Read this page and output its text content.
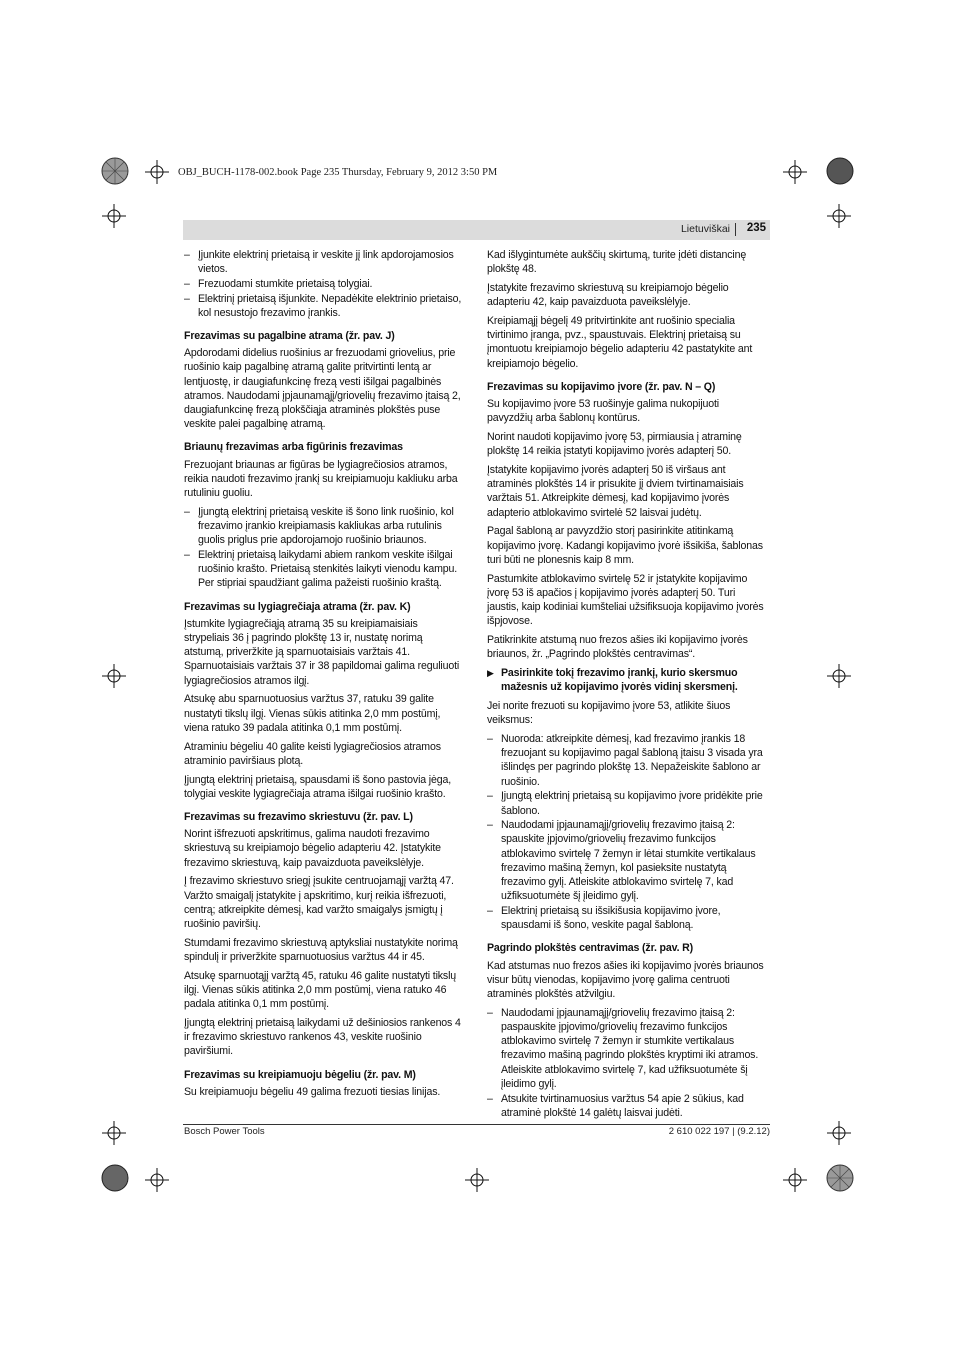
OBJ_BUCH-1178-002.book Page 235 Thursday, February 9, 2012 3:50 PM
Lietuviškai 235
– Įjunkite elektrinį prietaisą ir veskite jį link apdorojamosios vietos.
– Frezuodami stumkite prietaisą tolygiai.
– Elektrinį prietaisą išjunkite. Nepadėkite elektrinio prietaiso, kol nesustojo frezavimo įrankis.
Frezavimas su pagalbine atrama (žr. pav. J)

Apdorodami didelius ruošinius ar frezuodami griovelius, prie ruošinio kaip pagalbinę atramą galite pritvirtinti lentą ar lentjuostę, ir daugiafunkcinę frezą vesti išilgai pagalbinės atramos. Naudodami įpjaunamąjį/griovelių frezavimo įtaisą 2, daugiafunkcinę frezą plokščiąja atraminės plokštės puse veskite palei pagalbinę atramą.

Briaunų frezavimas arba figūrinis frezavimas

Frezuojant briaunas ar figūras be lygiagrečiosios atramos, reikia naudoti frezavimo įrankį su kreipiamuoju kakliuku arba rutuliniu guoliu.

– Įjungtą elektrinį prietaisą veskite iš šono link ruošinio, kol frezavimo įrankio kreipiamasis kakliukas arba rutulinis guolis priglus prie apdorojamojo ruošinio briaunos.
– Elektrinį prietaisą laikydami abiem rankom veskite išilgai ruošinio krašto. Prietaisą stenkitės laikyti vienodu kampu. Per stipriai spaudžiant galima pažeisti ruošinio kraštą.
Frezavimas su lygiagrečiaja atrama (žr. pav. K)

Įstumkite lygiagrečiąją atramą 35 su kreipiamaisiais strypeliais 36 į pagrindo plokštę 13 ir, nustatę norimą atstumą, priveržkite ją sparnuotaisiais varžtais 41. Sparnuotaisiais varžtais 37 ir 38 papildomai galima reguliuoti lygiagrečiosios atramos ilgį.

Atsukę abu sparnuotuosius varžtus 37, ratuku 39 galite nustatyti tikslų ilgį. Vienas sūkis atitinka 2,0 mm postūmį, viena ratuko 39 padala atitinka 0,1 mm postūmį.

Atraminiu bėgeliu 40 galite keisti lygiagrečiosios atramos atraminio paviršiaus plotą.

Įjungtą elektrinį prietaisą, spausdami iš šono pastovia jėga, tolygiai veskite lygiagrečiaja atrama išilgai ruošinio krašto.

Frezavimas su frezavimo skriestuvu (žr. pav. L)

Norint išfrezuoti apskritimus, galima naudoti frezavimo skriestuvą su kreipiamojo bėgelio adapteriu 42. Įstatykite frezavimo skriestuvą, kaip pavaizduota paveikslėlyje.

Į frezavimo skriestuvo sriegį įsukite centruojamąjį varžtą 47. Varžto smaigalį įstatykite į apskritimo, kurį reikia išfrezuoti, centrą; atkreipkite dėmesį, kad varžto smaigalys įsmigtų į ruošinio paviršių.

Stumdami frezavimo skriestuvą aptyksliai nustatykite norimą spindulį ir priveržkite sparnuotuosius varžtus 44 ir 45.

Atsukę sparnuotąjį varžtą 45, ratuku 46 galite nustatyti tikslų ilgį. Vienas sūkis atitinka 2,0 mm postūmį, viena ratuko 46 padala atitinka 0,1 mm postūmį.

Įjungtą elektrinį prietaisą laikydami už dešiniosios rankenos 4 ir frezavimo skriestuvo rankenos 43, veskite ruošinio paviršiumi.

Frezavimas su kreipiamuoju bėgeliu (žr. pav. M)

Su kreipiamuoju bėgeliu 49 galima frezuoti tiesias linijas.

Kad išlygintumėte aukščių skirtumą, turite įdėti distancinę plokštę 48.

Įstatykite frezavimo skriestuvą su kreipiamojo bėgelio adapteriu 42, kaip pavaizduota paveikslėlyje.

Kreipiamąjį bėgelį 49 pritvirtinkite ant ruošinio specialia tvirtinimo įranga, pvz., spaustuvais. Elektrinį prietaisą su įmontuotu kreipiamojo bėgelio adapteriu 42 pastatykite ant kreipiamojo bėgelio.

Frezavimas su kopijavimo įvore (žr. pav. N – Q)

Su kopijavimo įvore 53 ruošinyje galima nukopijuoti pavyzdžių arba šablonų kontūrus.

Norint naudoti kopijavimo įvorę 53, pirmiausia į atraminę plokštę 14 reikia įstatyti kopijavimo įvorės adapterį 50.

Įstatykite kopijavimo įvorės adapterį 50 iš viršaus ant atraminės plokštės 14 ir prisukite jį dviem tvirtinamaisiais varžtais 51. Atkreipkite dėmesį, kad kopijavimo įvorės adapterio atblokavimo svirtelė 52 laisvai judėtų.

Pagal šabloną ar pavyzdžio storį pasirinkite atitinkamą kopijavimo įvorę. Kadangi kopijavimo įvorė išsikiša, šablonas turi būti ne plonesnis kaip 8 mm.

Pastumkite atblokavimo svirtelę 52 ir įstatykite kopijavimo įvorę 53 iš apačios į kopijavimo įvorės adapterį 50. Turi jaustis, kaip kodiniai kumšteliai užsifiksuoja kopijavimo įvorės išpjovose.

Patikrinkite atstumą nuo frezos ašies iki kopijavimo įvorės briaunos, žr. „Pagrindo plokštės centravimas“.

▶ Pasirinkite tokį frezavimo įrankį, kurio skersmuo mažesnis už kopijavimo įvorės vidinį skersmenį.

Jei norite frezuoti su kopijavimo įvore 53, atlikite šiuos veiksmus:

– Nuoroda: atkreipkite dėmesį, kad frezavimo įrankis 18 frezuojant su kopijavimo pagal šabloną įtaisu 3 visada yra išlindęs per pagrindo plokštę 13. Nepažeiskite šablono ar ruošinio.
– Įjungtą elektrinį prietaisą su kopijavimo įvore pridėkite prie šablono.
– Naudodami įpjaunamąjį/griovelių frezavimo įtaisą 2: spauskite įpjovimo/griovelių frezavimo funkcijos atblokavimo svirtelę 7 žemyn ir lėtai stumkite vertikalaus frezavimo mašiną žemyn, kol pasieksite nustatytą frezavimo gylį. Atleiskite atblokavimo svirtelę 7, kad užfiksuotumėte šį įleidimo gylį.
– Elektrinį prietaisą su išsikišusia kopijavimo įvore, spausdami iš šono, veskite pagal šabloną.
Pagrindo plokštės centravimas (žr. pav. R)

Kad atstumas nuo frezos ašies iki kopijavimo įvorės briaunos visur būtų vienodas, kopijavimo įvorę galima centruoti atraminės plokštės atžvilgiu.

– Naudodami įpjaunamąjį/griovelių frezavimo įtaisą 2: paspauskite įpjovimo/griovelių frezavimo funkcijos atblokavimo svirtelę 7 žemyn ir stumkite vertikalaus frezavimo mašiną pagrindo plokštės kryptimi iki atramos. Atleiskite atblokavimo svirtelę 7, kad užfiksuotumėte šį įleidimo gylį.
– Atsukite tvirtinamuosius varžtus 54 apie 2 sūkius, kad atraminė plokštė 14 galėtų laisvai judėti.
Bosch Power Tools	2 610 022 197 | (9.2.12)
